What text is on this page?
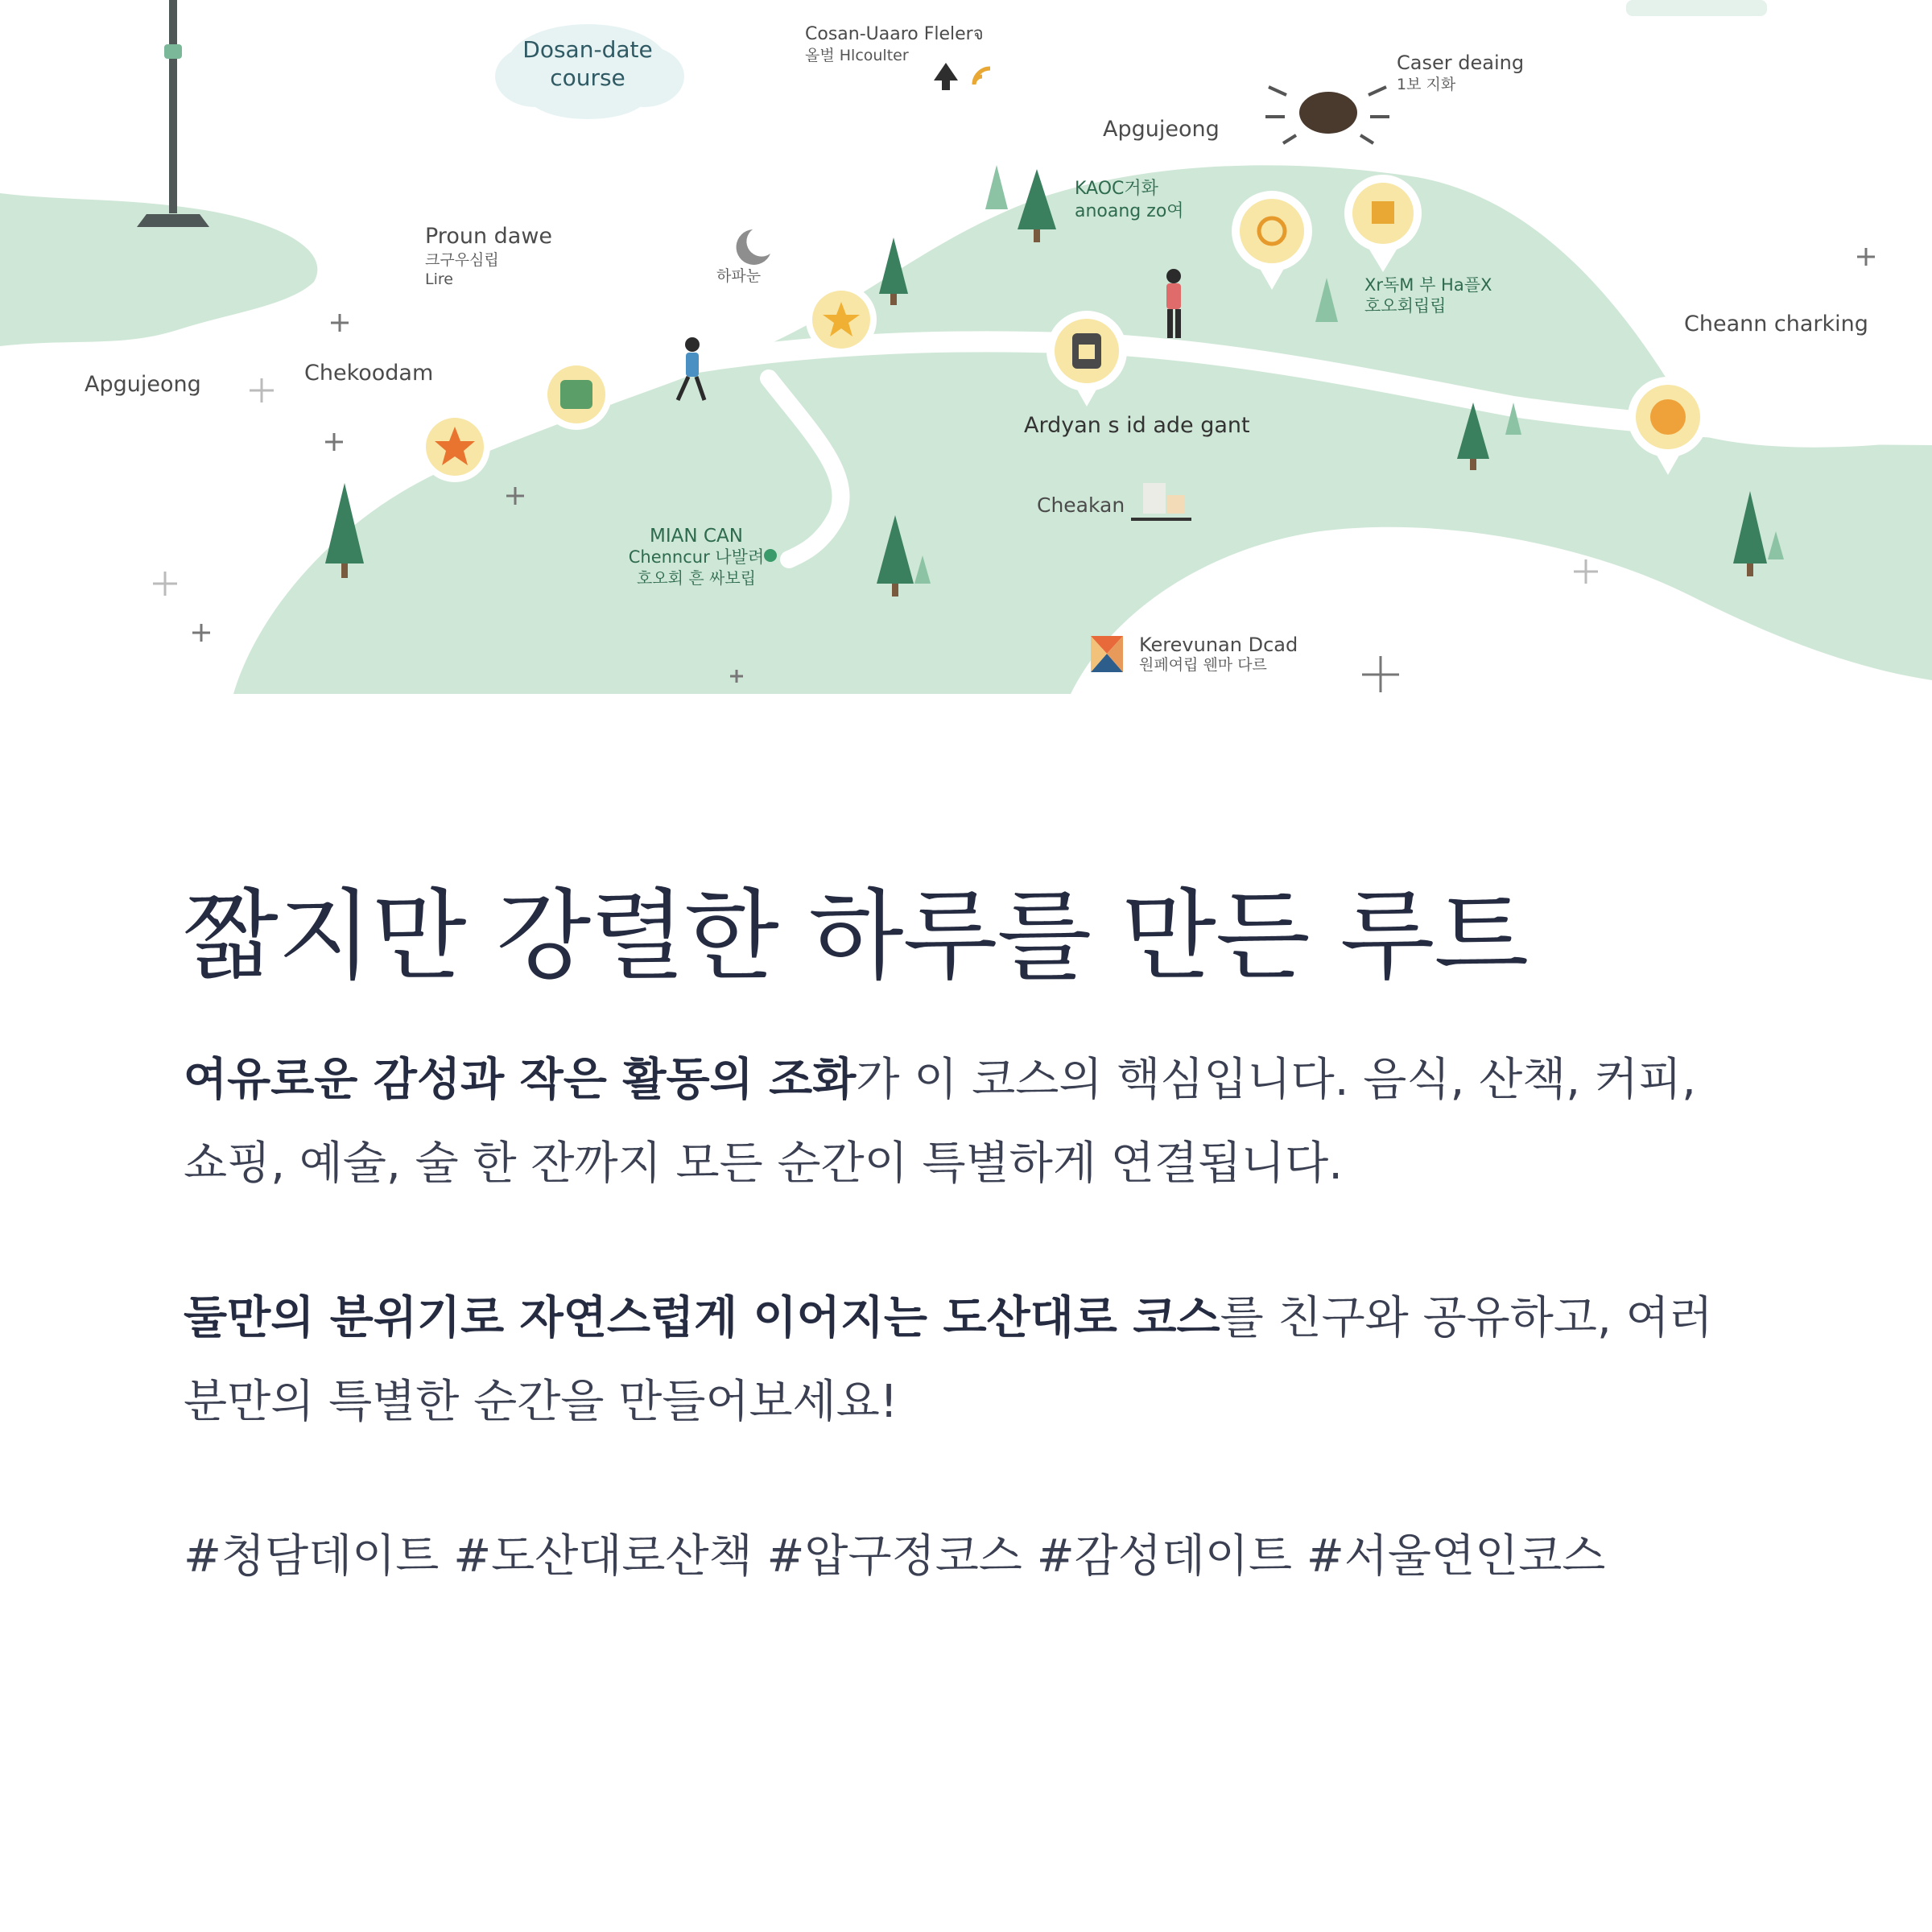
Dosan-date
course
Cosan-Uaaro Flelerจ
올벌 Hlcoulter	Caser deaing
1보 지화
Apgujeong
KAOC거화
anoang zo여
Proun dawe
크구우심립
Lire	하파눈	Xr독M 부 Ha플X
호오회립립
Cheann charking
Apgujeong	Chekoodam
Ardyan s id ade gant
Cheakan
MIAN CAN
Chenncur 나발려
호오회 흔 싸보립
Kerevunan Dcad
원페여립 웬마 다르
짧지만 강렬한 하루를 만든 루트

여유로운 감성과 작은 활동의 조화가 이 코스의 핵심입니다. 음식, 산책, 커피, 쇼핑, 예술, 술 한 잔까지 모든 순간이 특별하게 연결됩니다.

둘만의 분위기로 자연스럽게 이어지는 도산대로 코스를 친구와 공유하고, 여러분만의 특별한 순간을 만들어보세요!

#청담데이트 #도산대로산책 #압구정코스 #감성데이트 #서울연인코스
